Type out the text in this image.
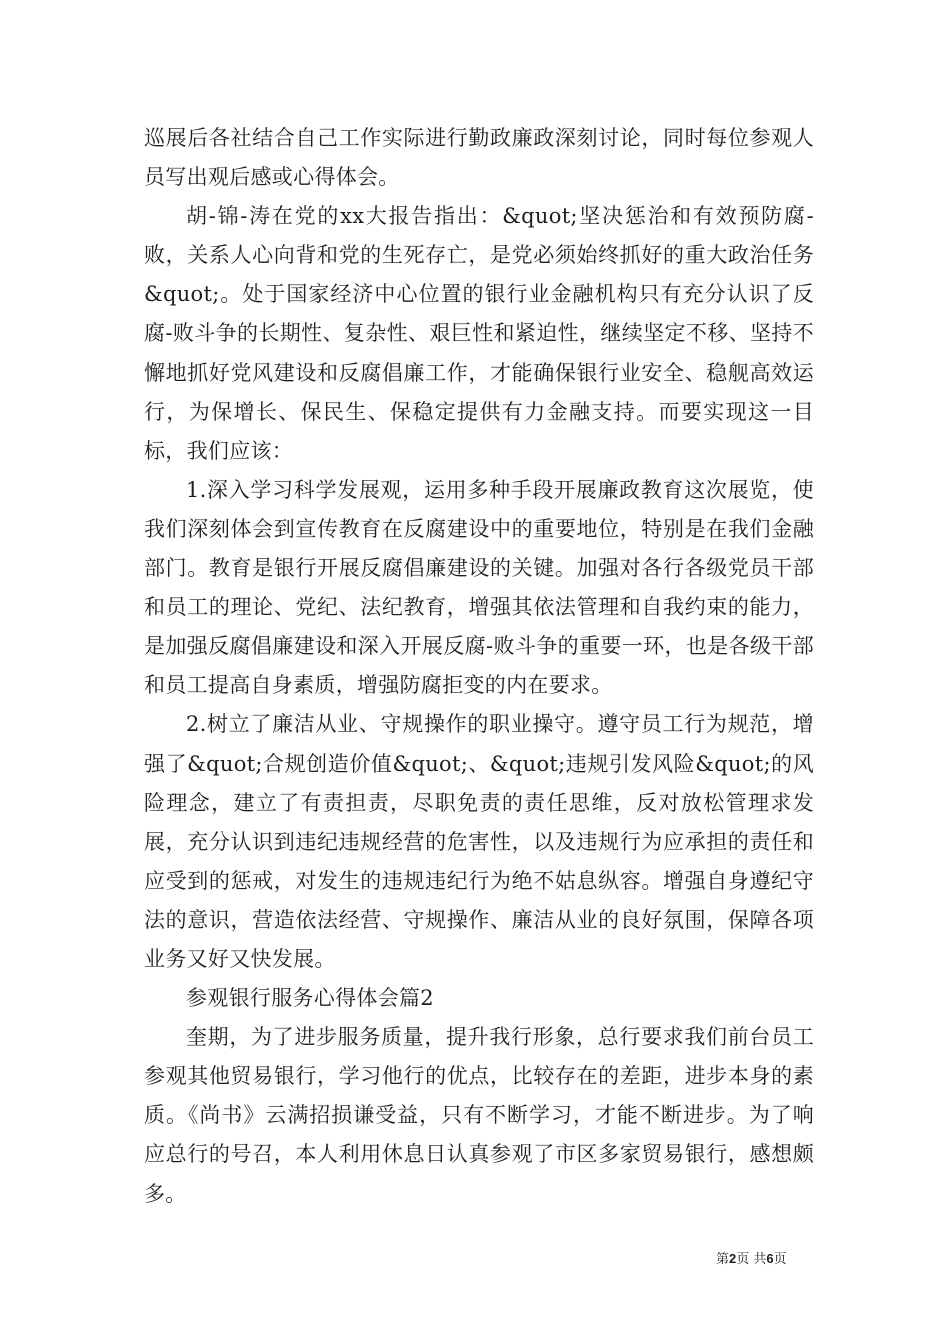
巡展后各社结合自己工作实际进行勤政廉政深刻讨论，同时每位参观人员写出观后感或心得体会。

胡-锦-涛在党的xx大报告指出：&quot;坚决惩治和有效预防腐-败，关系人心向背和党的生死存亡，是党必须始终抓好的重大政治任务&quot;。处于国家经济中心位置的银行业金融机构只有充分认识了反腐-败斗争的长期性、复杂性、艰巨性和紧迫性，继续坚定不移、坚持不懈地抓好党风建设和反腐倡廉工作，才能确保银行业安全、稳舰高效运行，为保增长、保民生、保稳定提供有力金融支持。而要实现这一目标，我们应该：

1.深入学习科学发展观，运用多种手段开展廉政教育这次展览，使我们深刻体会到宣传教育在反腐建设中的重要地位，特别是在我们金融部门。教育是银行开展反腐倡廉建设的关键。加强对各行各级党员干部和员工的理论、党纪、法纪教育，增强其依法管理和自我约束的能力，是加强反腐倡廉建设和深入开展反腐-败斗争的重要一环，也是各级干部和员工提高自身素质，增强防腐拒变的内在要求。

2.树立了廉洁从业、守规操作的职业操守。遵守员工行为规范，增强了&quot;合规创造价值&quot;、&quot;违规引发风险&quot;的风险理念，建立了有责担责，尽职免责的责任思维，反对放松管理求发展，充分认识到违纪违规经营的危害性，以及违规行为应承担的责任和应受到的惩戒，对发生的违规违纪行为绝不姑息纵容。增强自身遵纪守法的意识，营造依法经营、守规操作、廉洁从业的良好氛围，保障各项业务又好又快发展。

参观银行服务心得体会篇2

奎期，为了进步服务质量，提升我行形象，总行要求我们前台员工参观其他贸易银行，学习他行的优点，比较存在的差距，进步本身的素质。《尚书》云满招损谦受益，只有不断学习，才能不断进步。为了响应总行的号召，本人利用休息日认真参观了市区多家贸易银行，感想颇多。

第2页 共6页
